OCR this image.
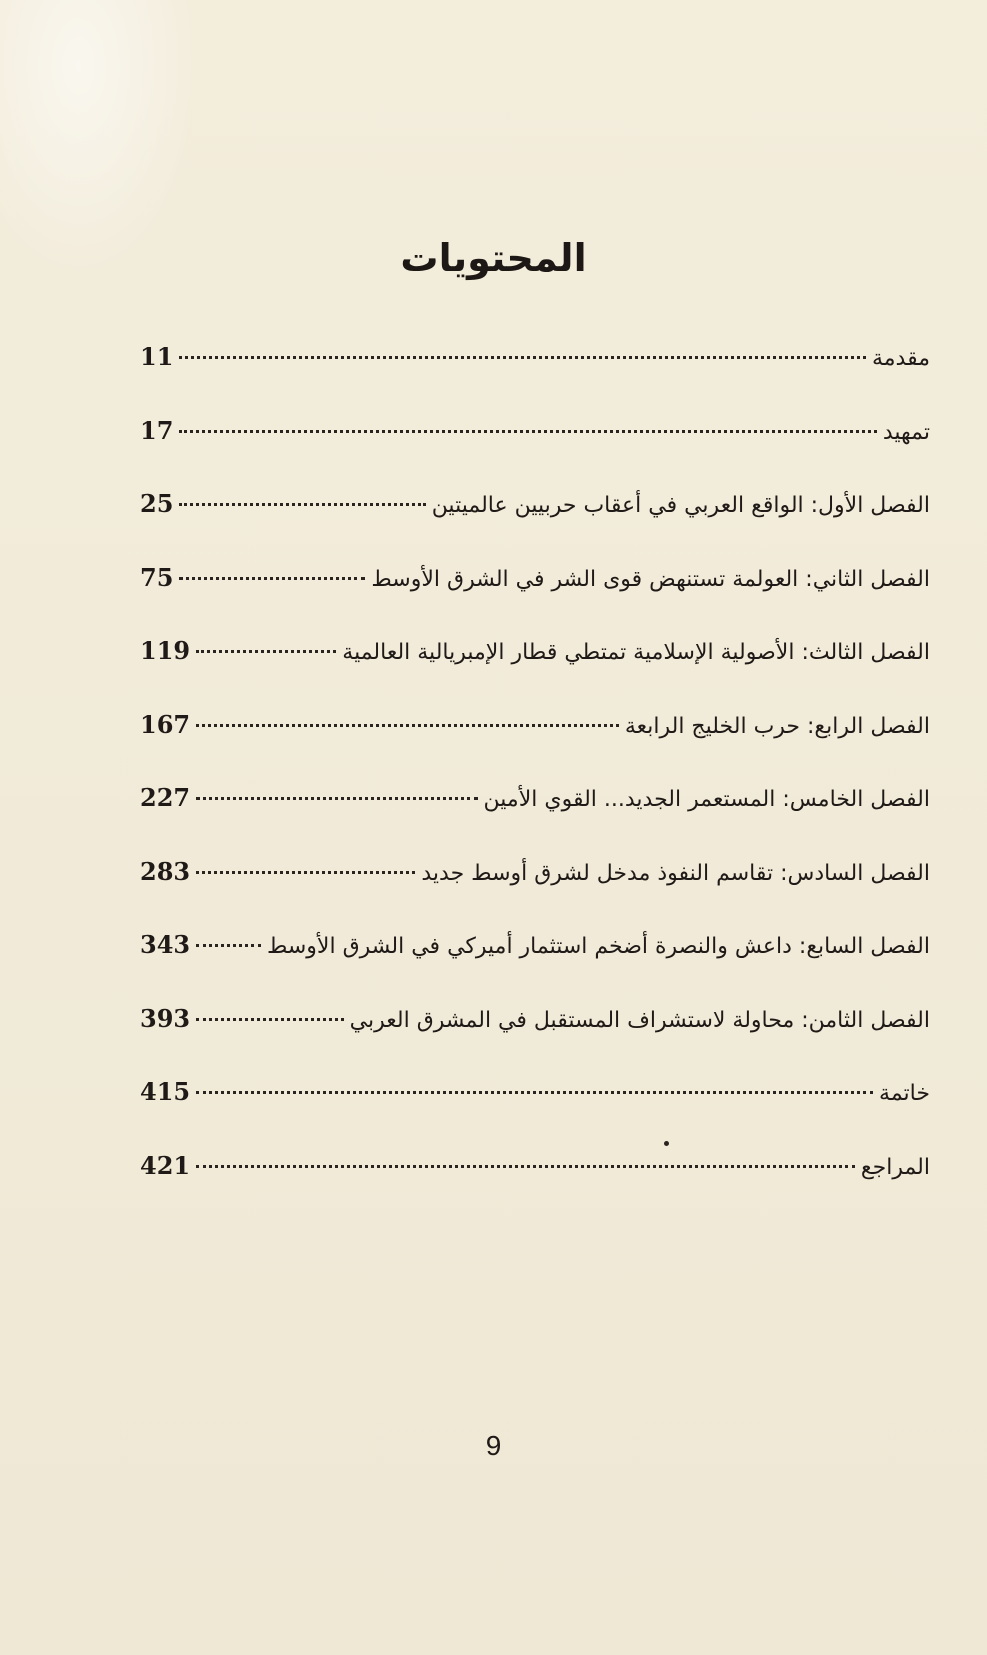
المحتويات
مقدمة
11
تمهيد
17
الفصل الأول: الواقع العربي في أعقاب حربيين عالميتين
25
الفصل الثاني: العولمة تستنهض قوى الشر في الشرق الأوسط
75
الفصل الثالث: الأصولية الإسلامية تمتطي قطار الإمبريالية العالمية
119
الفصل الرابع: حرب الخليج الرابعة
167
الفصل الخامس: المستعمر الجديد... القوي الأمين
227
الفصل السادس: تقاسم النفوذ مدخل لشرق أوسط جديد
283
الفصل السابع: داعش والنصرة أضخم استثمار أميركي في الشرق الأوسط
343
الفصل الثامن: محاولة لاستشراف المستقبل في المشرق العربي
393
خاتمة
415
المراجع
421
9
